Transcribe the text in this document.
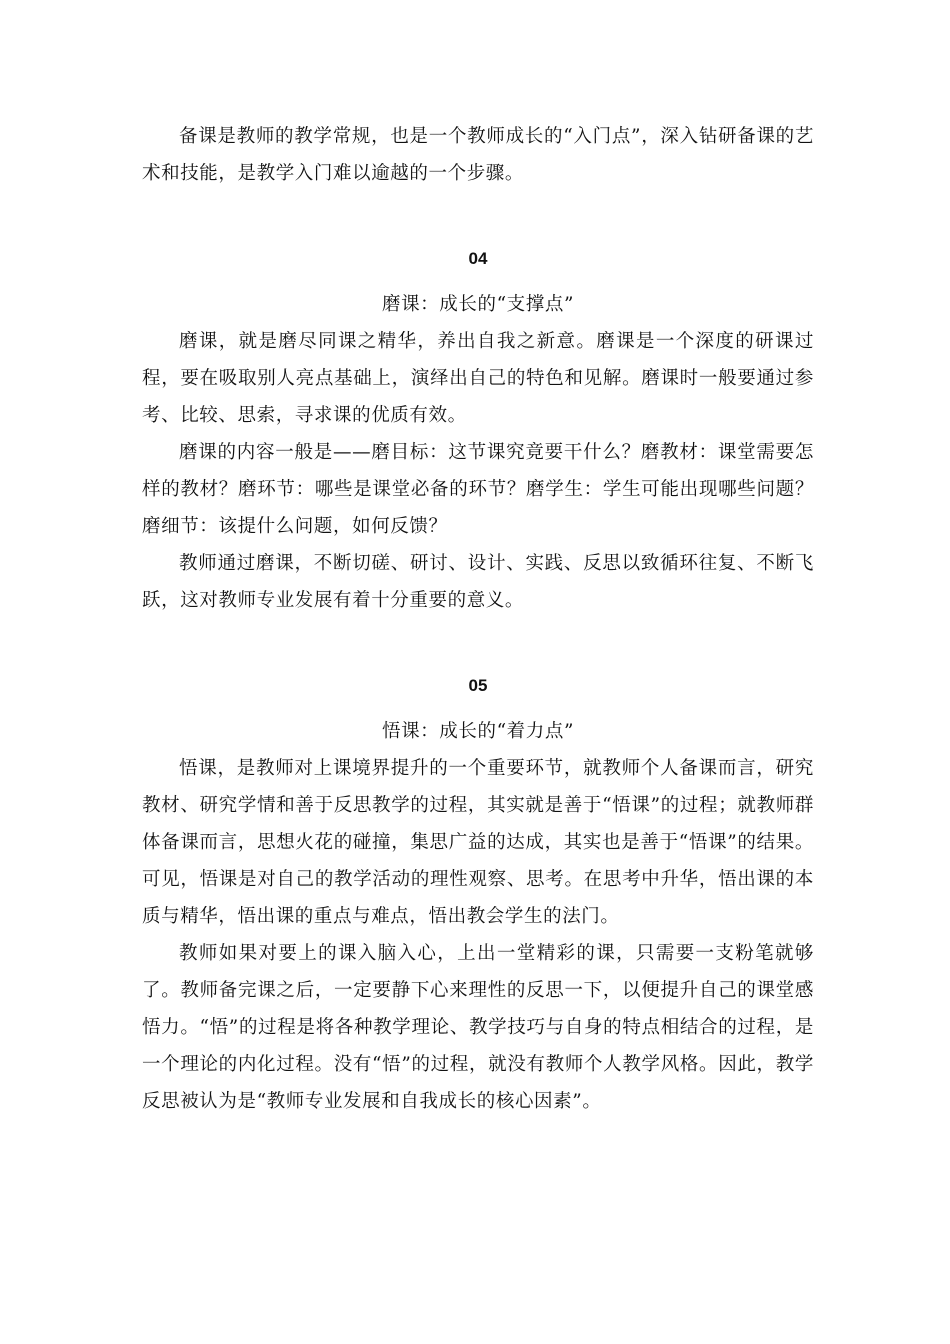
备课是教师的教学常规，也是一个教师成长的“入门点”，深入钻研备课的艺术和技能，是教学入门难以逾越的一个步骤。

04

磨课：成长的“支撑点”

磨课，就是磨尽同课之精华，养出自我之新意。磨课是一个深度的研课过程，要在吸取别人亮点基础上，演绎出自己的特色和见解。磨课时一般要通过参考、比较、思索，寻求课的优质有效。

磨课的内容一般是——磨目标：这节课究竟要干什么？磨教材：课堂需要怎样的教材？磨环节：哪些是课堂必备的环节？磨学生：学生可能出现哪些问题？磨细节：该提什么问题，如何反馈？

教师通过磨课，不断切磋、研讨、设计、实践、反思以致循环往复、不断飞跃，这对教师专业发展有着十分重要的意义。

05

悟课：成长的“着力点”

悟课，是教师对上课境界提升的一个重要环节，就教师个人备课而言，研究教材、研究学情和善于反思教学的过程，其实就是善于“悟课”的过程；就教师群体备课而言，思想火花的碰撞，集思广益的达成，其实也是善于“悟课”的结果。可见，悟课是对自己的教学活动的理性观察、思考。在思考中升华，悟出课的本质与精华，悟出课的重点与难点，悟出教会学生的法门。

教师如果对要上的课入脑入心，上出一堂精彩的课，只需要一支粉笔就够了。教师备完课之后，一定要静下心来理性的反思一下，以便提升自己的课堂感悟力。“悟”的过程是将各种教学理论、教学技巧与自身的特点相结合的过程，是一个理论的内化过程。没有“悟”的过程，就没有教师个人教学风格。因此，教学反思被认为是“教师专业发展和自我成长的核心因素”。
